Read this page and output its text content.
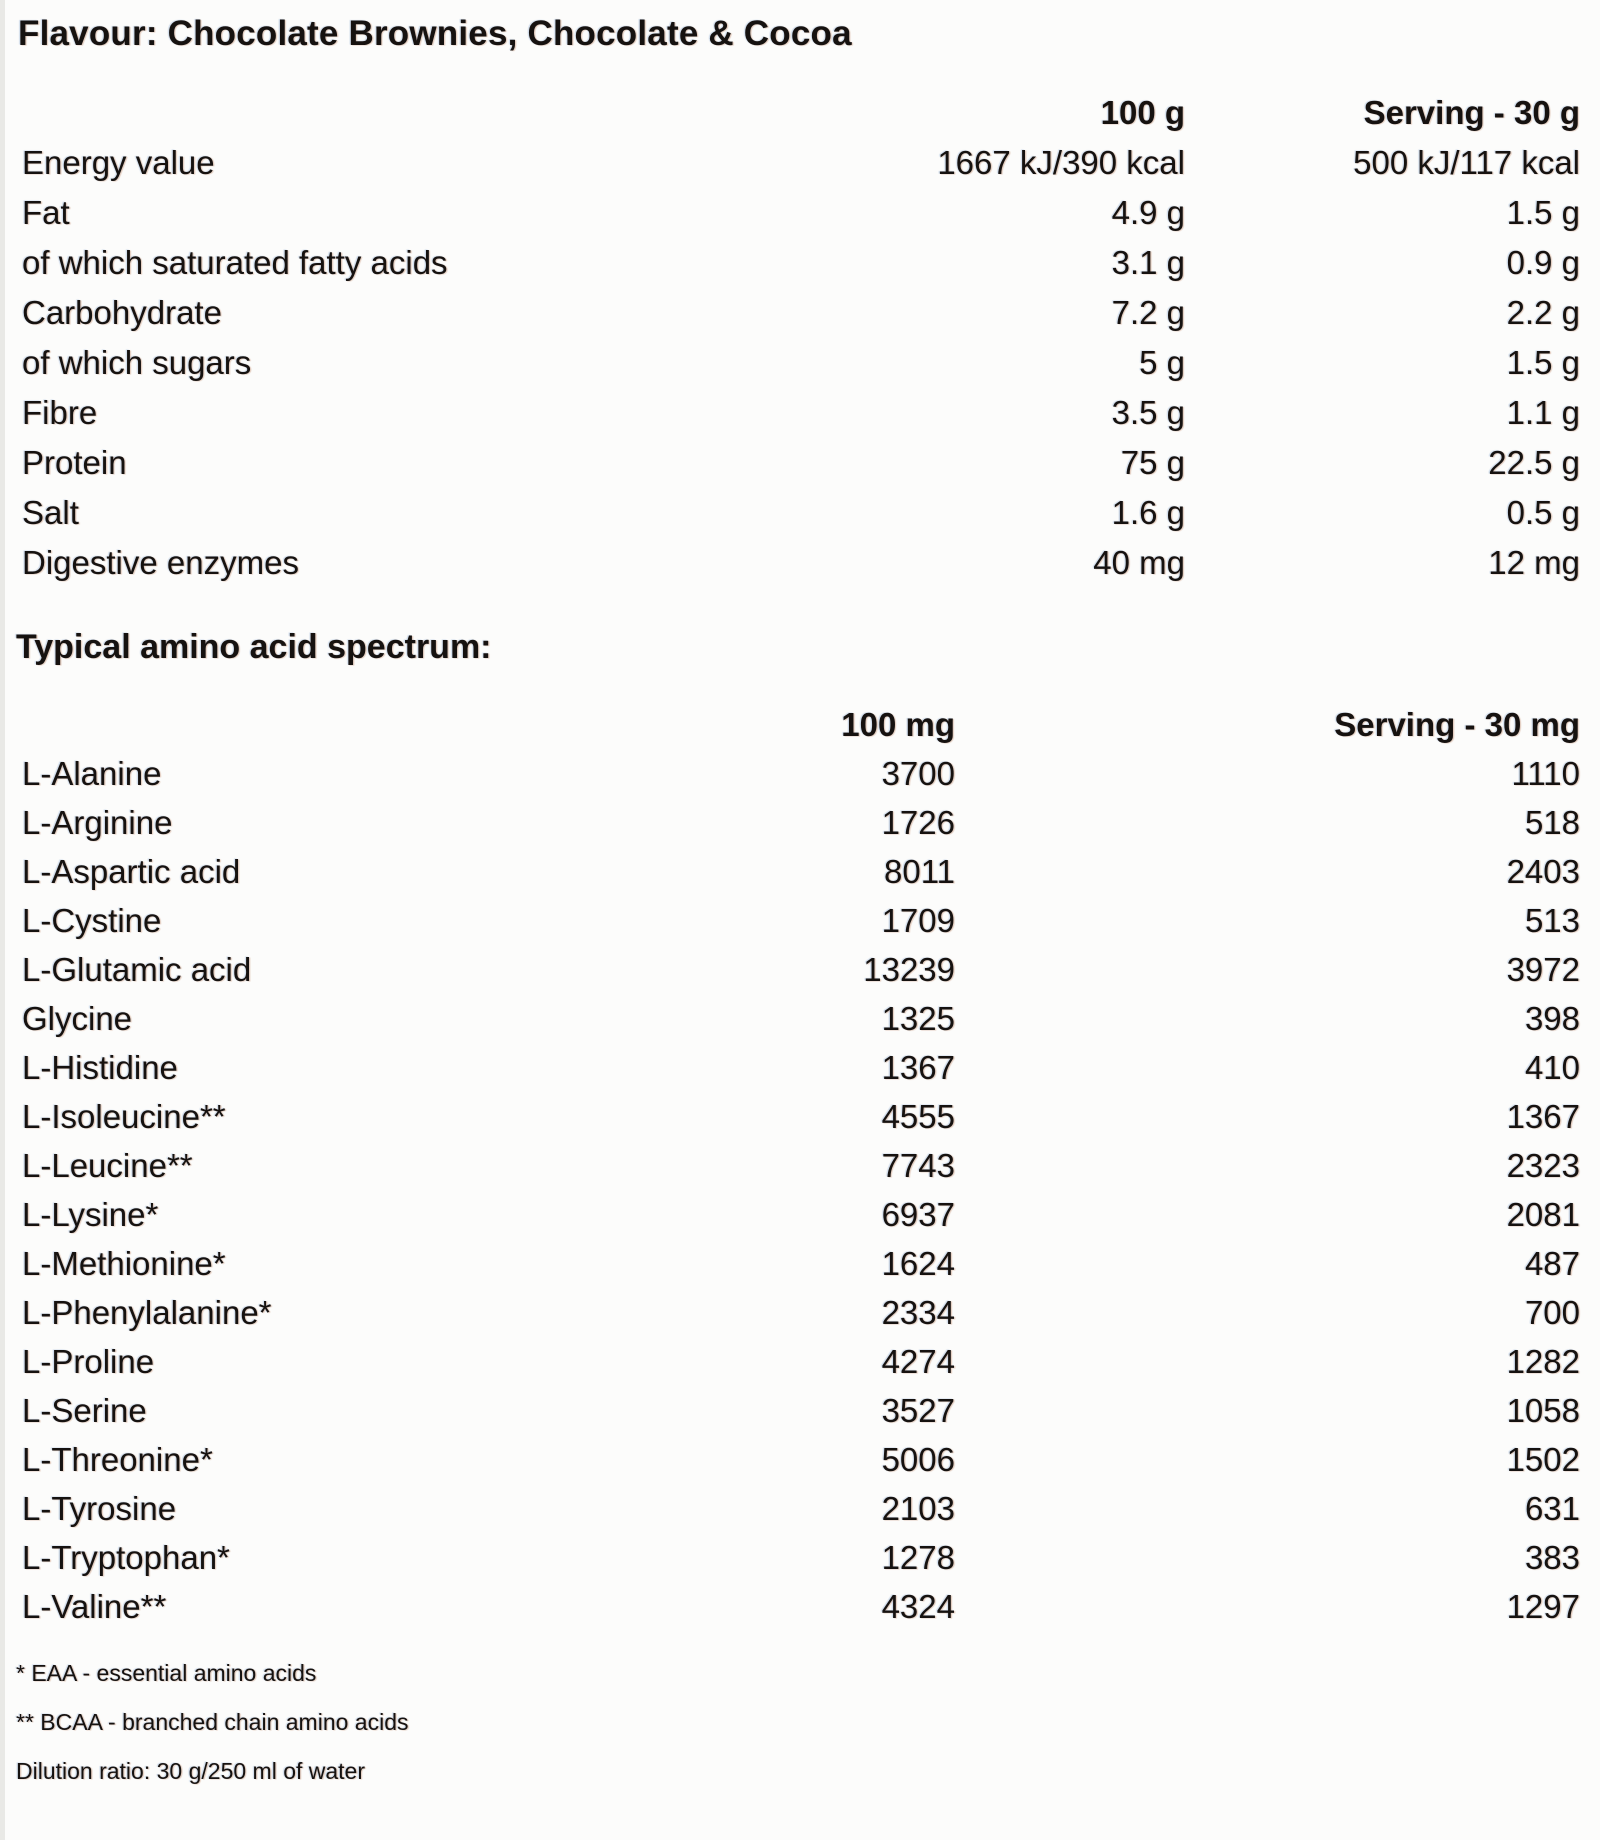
Flavour: Chocolate Brownies, Chocolate & Cocoa
100 g	Serving - 30 g
Energy value	1667 kJ/390 kcal	500 kJ/117 kcal
Fat	4.9 g	1.5 g
of which saturated fatty acids	3.1 g	0.9 g
Carbohydrate	7.2 g	2.2 g
of which sugars	5 g	1.5 g
Fibre	3.5 g	1.1 g
Protein	75 g	22.5 g
Salt	1.6 g	0.5 g
Digestive enzymes	40 mg	12 mg
Typical amino acid spectrum:
100 mg	Serving - 30 mg
L-Alanine	3700	1110
L-Arginine	1726	518
L-Aspartic acid	8011	2403
L-Cystine	1709	513
L-Glutamic acid	13239	3972
Glycine	1325	398
L-Histidine	1367	410
L-Isoleucine**	4555	1367
L-Leucine**	7743	2323
L-Lysine*	6937	2081
L-Methionine*	1624	487
L-Phenylalanine*	2334	700
L-Proline	4274	1282
L-Serine	3527	1058
L-Threonine*	5006	1502
L-Tyrosine	2103	631
L-Tryptophan*	1278	383
L-Valine**	4324	1297
* EAA - essential amino acids
** BCAA - branched chain amino acids
Dilution ratio: 30 g/250 ml of water
